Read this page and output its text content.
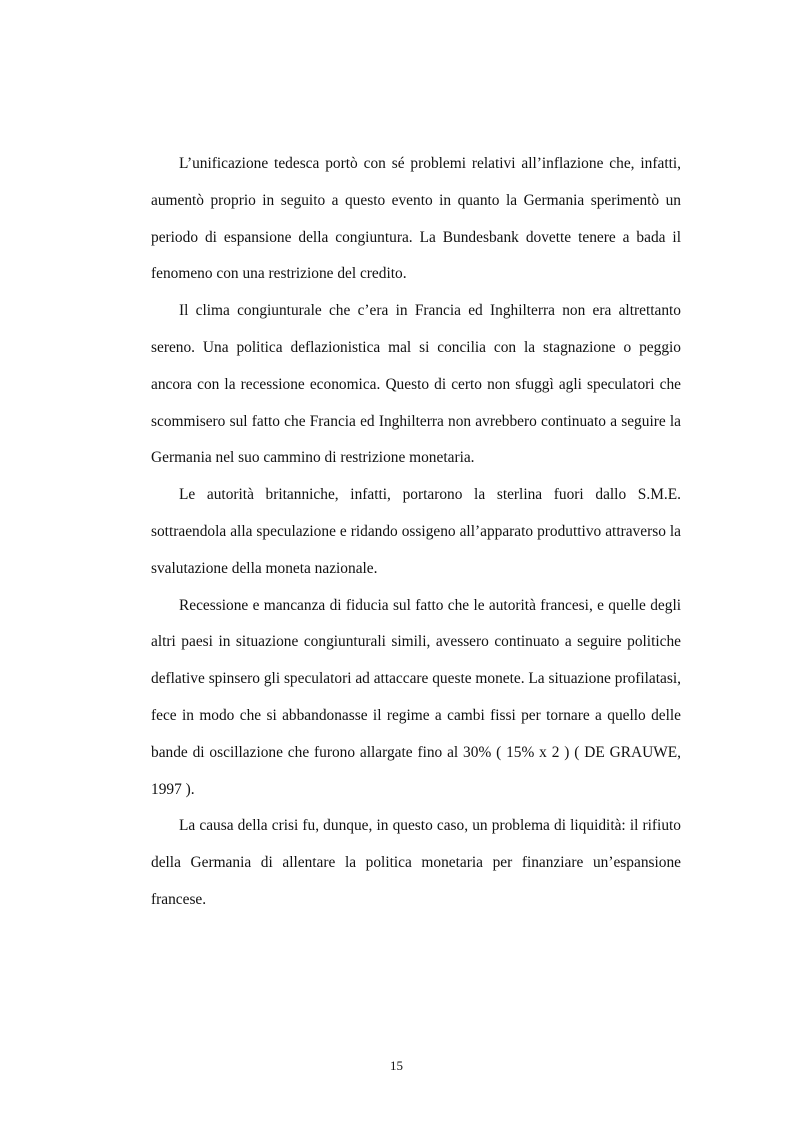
L’unificazione tedesca portò con sé problemi relativi all’inflazione che, infatti, aumentò proprio in seguito a questo evento in quanto la Germania sperimentò un periodo di espansione della congiuntura. La Bundesbank dovette tenere a bada il fenomeno con una restrizione del credito.

Il clima congiunturale che c’era in Francia ed Inghilterra non era altrettanto sereno. Una politica deflazionistica mal si concilia con la stagnazione o peggio ancora con la recessione economica. Questo di certo non sfuggì agli speculatori che scommisero sul fatto che Francia ed Inghilterra non avrebbero continuato a seguire la Germania nel suo cammino di restrizione monetaria.

Le autorità britanniche, infatti, portarono la sterlina fuori dallo S.M.E. sottraendola alla speculazione e ridando ossigeno all’apparato produttivo attraverso la svalutazione della moneta nazionale.

Recessione e mancanza di fiducia sul fatto che le autorità francesi, e quelle degli altri paesi in situazione congiunturali simili, avessero continuato a seguire politiche deflative spinsero gli speculatori ad attaccare queste monete. La situazione profilatasi, fece in modo che si abbandonasse il regime a cambi fissi per tornare a quello delle bande di oscillazione che furono allargate fino al 30% ( 15% x 2 ) ( DE GRAUWE, 1997 ).

La causa della crisi fu, dunque, in questo caso, un problema di liquidità: il rifiuto della Germania di allentare la politica monetaria per finanziare un’espansione francese.

15
